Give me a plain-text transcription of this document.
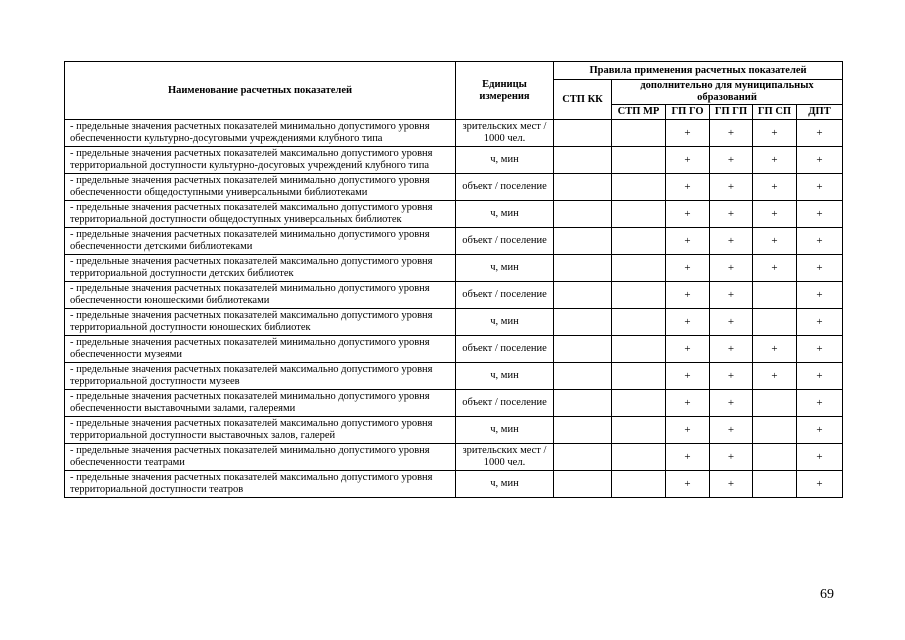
Наименование расчетных показателей	Единицы измерения	Правила применения расчетных показателей					
		СТП КК	дополнительно для муниципальных образований				
			СТП МР	ГП ГО	ГП ГП	ГП СП	ДПТ
- предельные значения расчетных показателей минимально допустимого уровня обеспеченности культурно-досуговыми учреждениями клубного типа	зрительских мест / 1000 чел.			+	+	+	+
- предельные значения расчетных показателей максимально допустимого уровня территориальной доступности культурно-досуговых учреждений клубного типа	ч, мин			+	+	+	+
- предельные значения расчетных показателей минимально допустимого уровня обеспеченности общедоступными универсальными библиотеками	объект / поселение			+	+	+	+
- предельные значения расчетных показателей максимально допустимого уровня территориальной доступности общедоступных универсальных библиотек	ч, мин			+	+	+	+
- предельные значения расчетных показателей минимально допустимого уровня обеспеченности детскими библиотеками	объект / поселение			+	+	+	+
- предельные значения расчетных показателей максимально допустимого уровня территориальной доступности детских библиотек	ч, мин			+	+	+	+
- предельные значения расчетных показателей минимально допустимого уровня обеспеченности юношескими библиотеками	объект / поселение			+	+		+
- предельные значения расчетных показателей максимально допустимого уровня территориальной доступности юношеских библиотек	ч, мин			+	+		+
- предельные значения расчетных показателей минимально допустимого уровня обеспеченности музеями	объект / поселение			+	+	+	+
- предельные значения расчетных показателей максимально допустимого уровня территориальной доступности музеев	ч, мин			+	+	+	+
- предельные значения расчетных показателей минимально допустимого уровня обеспеченности выставочными залами, галереями	объект / поселение			+	+		+
- предельные значения расчетных показателей максимально допустимого уровня территориальной доступности выставочных залов, галерей	ч, мин			+	+		+
- предельные значения расчетных показателей минимально допустимого уровня обеспеченности театрами	зрительских мест / 1000 чел.			+	+		+
- предельные значения расчетных показателей максимально допустимого уровня территориальной доступности театров	ч, мин			+	+		+
69
